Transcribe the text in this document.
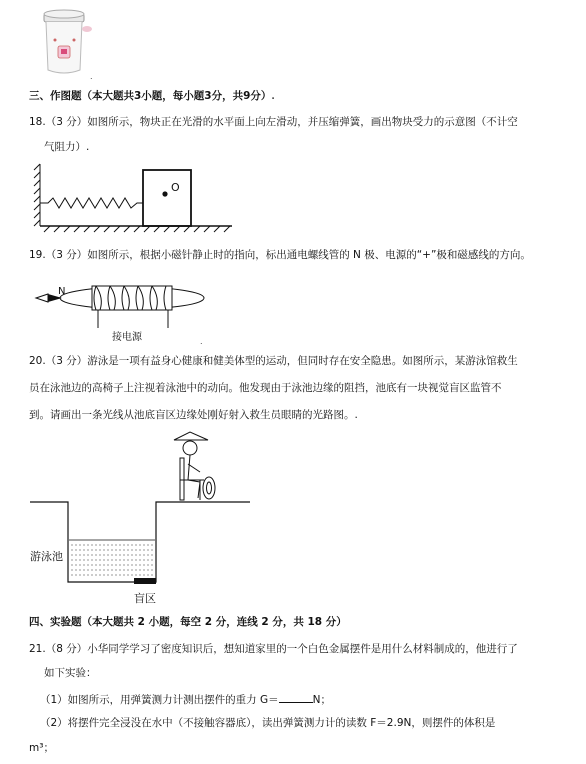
.
三、作图题（本大题共3小题，每小题3分，共9分）.
18.（3 分）如图所示，物块正在光滑的水平面上向左滑动，并压缩弹簧，画出物块受力的示意图（不计空
气阻力）.
O
19.（3 分）如图所示，根据小磁针静止时的指向，标出通电螺线管的 N 极、电源的“+”极和磁感线的方向。
N
接电源	.
20.（3 分）游泳是一项有益身心健康和健美体型的运动，但同时存在安全隐患。如图所示，某游泳馆救生
员在泳池边的高椅子上注视着泳池中的动向。他发现由于泳池边缘的阻挡，池底有一块视觉盲区监管不
到。请画出一条光线从池底盲区边缘处刚好射入救生员眼睛的光路图。.
游泳池
盲区
四、实验题（本大题共 2 小题，每空 2 分，连线 2 分，共 18 分）
21.（8 分）小华同学学习了密度知识后，想知道家里的一个白色金属摆件是用什么材料制成的，他进行了
如下实验：
（1）如图所示，用弹簧测力计测出摆件的重力 G＝	N；
（2）将摆件完全浸没在水中（不接触容器底），读出弹簧测力计的读数 F＝2.9N，则摆件的体积是
m³；
